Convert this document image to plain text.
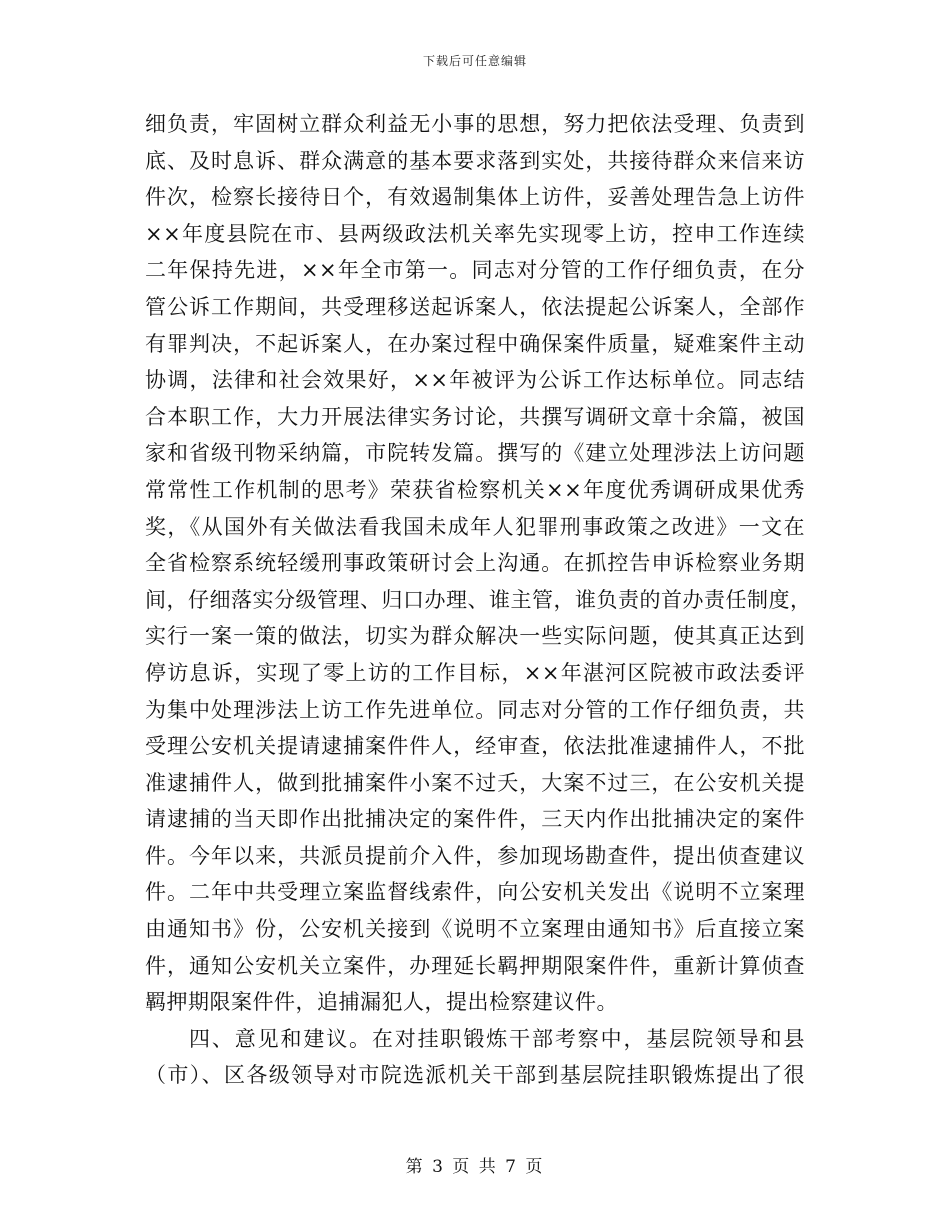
下载后可任意编辑
细负责，牢固树立群众利益无小事的思想，努力把依法受理、负责到
底、及时息诉、群众满意的基本要求落到实处，共接待群众来信来访
件次，检察长接待日个，有效遏制集体上访件，妥善处理告急上访件
××年度县院在市、县两级政法机关率先实现零上访，控申工作连续
二年保持先进，××年全市第一。同志对分管的工作仔细负责，在分
管公诉工作期间，共受理移送起诉案人，依法提起公诉案人，全部作
有罪判决，不起诉案人，在办案过程中确保案件质量，疑难案件主动
协调，法律和社会效果好，××年被评为公诉工作达标单位。同志结
合本职工作，大力开展法律实务讨论，共撰写调研文章十余篇，被国
家和省级刊物采纳篇，市院转发篇。撰写的《建立处理涉法上访问题
常常性工作机制的思考》荣获省检察机关××年度优秀调研成果优秀
奖，《从国外有关做法看我国未成年人犯罪刑事政策之改进》一文在
全省检察系统轻缓刑事政策研讨会上沟通。在抓控告申诉检察业务期
间，仔细落实分级管理、归口办理、谁主管，谁负责的首办责任制度，
实行一案一策的做法，切实为群众解决一些实际问题，使其真正达到
停访息诉，实现了零上访的工作目标，××年湛河区院被市政法委评
为集中处理涉法上访工作先进单位。同志对分管的工作仔细负责，共
受理公安机关提请逮捕案件件人，经审查，依法批准逮捕件人，不批
准逮捕件人，做到批捕案件小案不过夭，大案不过三，在公安机关提
请逮捕的当天即作出批捕决定的案件件，三天内作出批捕决定的案件
件。今年以来，共派员提前介入件，参加现场勘查件，提出侦查建议
件。二年中共受理立案监督线索件，向公安机关发出《说明不立案理
由通知书》份，公安机关接到《说明不立案理由通知书》后直接立案
件，通知公安机关立案件，办理延长羁押期限案件件，重新计算侦查
羁押期限案件件，追捕漏犯人，提出检察建议件。
四、意见和建议。在对挂职锻炼干部考察中，基层院领导和县
（市）、区各级领导对市院选派机关干部到基层院挂职锻炼提出了很
第 3 页 共 7 页
